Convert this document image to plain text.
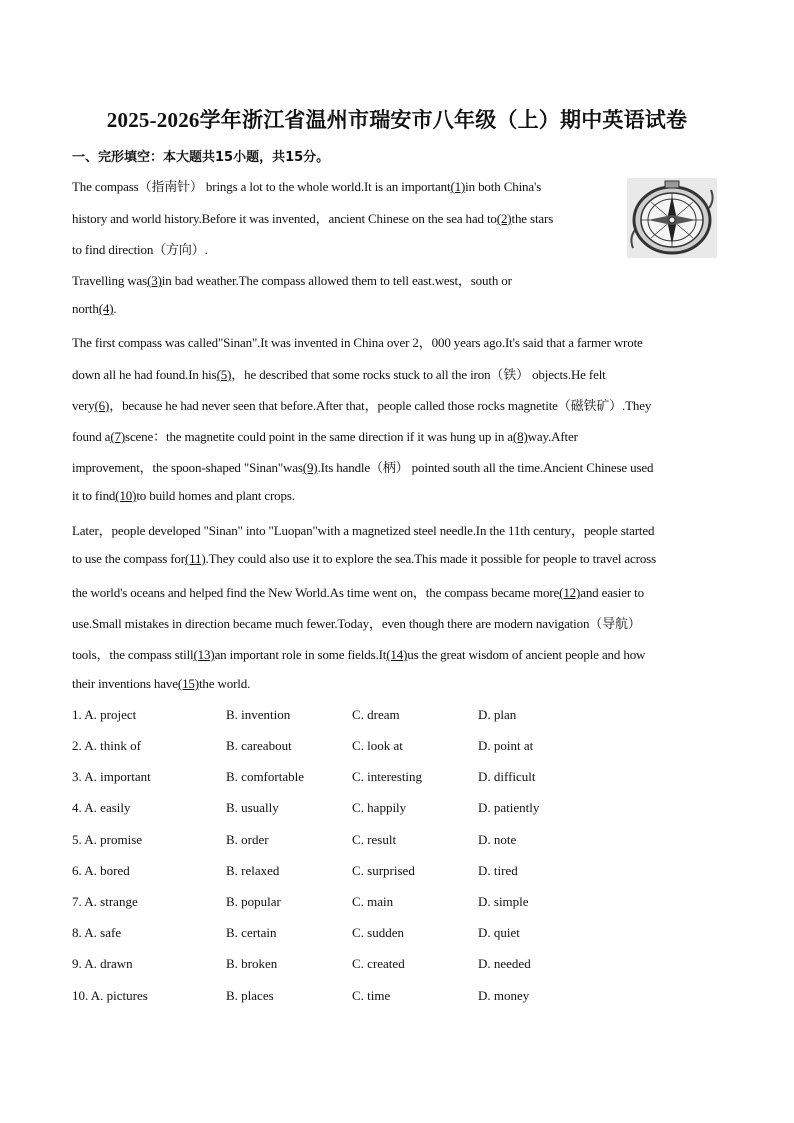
2025-2026学年浙江省温州市瑞安市八年级（上）期中英语试卷
一、完形填空：本大题共15小题，共15分。
The compass（指南针） brings a lot to the whole world.It is an important(1)in both China's
history and world history.Before it was invented，ancient Chinese on the sea had to(2)the stars
to find direction（方向）.
Travelling was(3)in bad weather.The compass allowed them to tell east.west，south or
north(4).
The first compass was called"Sinan".It was invented in China over 2，000 years ago.It's said that a farmer wrote
down all he had found.In his(5)，he described that some rocks stuck to all the iron（铁） objects.He felt
very(6)，because he had never seen that before.After that，people called those rocks magnetite（磁铁矿）.They
found a(7)scene：the magnetite could point in the same direction if it was hung up in a(8)way.After
improvement，the spoon-shaped "Sinan"was(9).Its handle（柄） pointed south all the time.Ancient Chinese used
it to find(10)to build homes and plant crops.
Later，people developed "Sinan" into "Luopan"with a magnetized steel needle.In the 11th century，people started
to use the compass for(11).They could also use it to explore the sea.This made it possible for people to travel across
the world's oceans and helped find the New World.As time went on，the compass became more(12)and easier to
use.Small mistakes in direction became much fewer.Today，even though there are modern navigation（导航）
tools，the compass still(13)an important role in some fields.It(14)us the great wisdom of ancient people and how
their inventions have(15)the world.
1. A. project	B. invention	C. dream	D. plan
2. A. think of	B. careabout	C. look at	D. point at
3. A. important	B. comfortable	C. interesting	D. difficult
4. A. easily	B. usually	C. happily	D. patiently
5. A. promise	B. order	C. result	D. note
6. A. bored	B. relaxed	C. surprised	D. tired
7. A. strange	B. popular	C. main	D. simple
8. A. safe	B. certain	C. sudden	D. quiet
9. A. drawn	B. broken	C. created	D. needed
10. A. pictures	B. places	C. time	D. money
